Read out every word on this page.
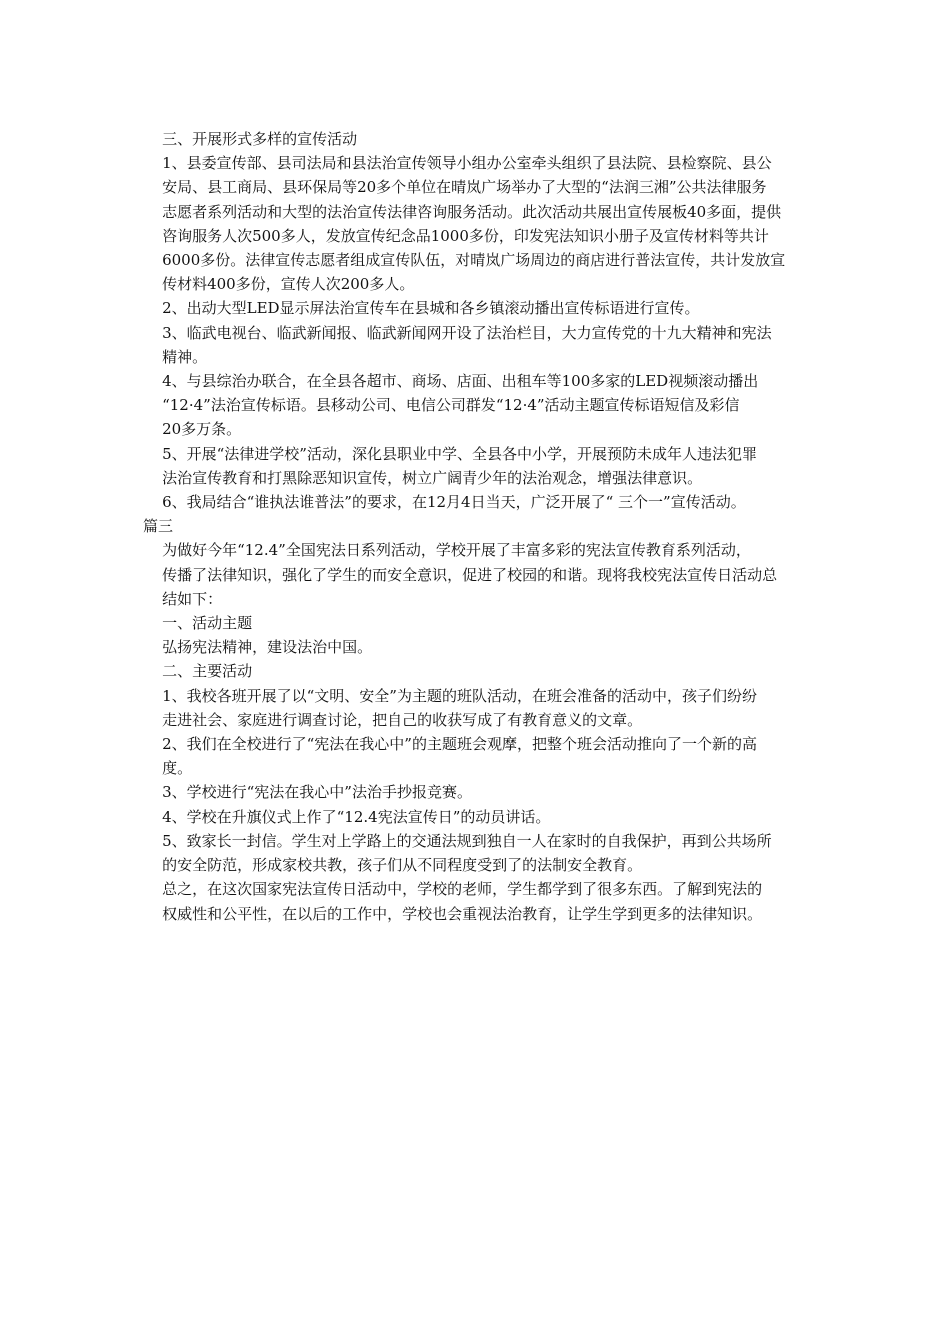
三、开展形式多样的宣传活动
1、县委宣传部、县司法局和县法治宣传领导小组办公室牵头组织了县法院、县检察院、县公
安局、县工商局、县环保局等20多个单位在晴岚广场举办了大型的“法润三湘”公共法律服务
志愿者系列活动和大型的法治宣传法律咨询服务活动。此次活动共展出宣传展板40多面，提供
咨询服务人次500多人，发放宣传纪念品1000多份，印发宪法知识小册子及宣传材料等共计
6000多份。法律宣传志愿者组成宣传队伍，对晴岚广场周边的商店进行普法宣传，共计发放宣
传材料400多份，宣传人次200多人。
2、出动大型LED显示屏法治宣传车在县城和各乡镇滚动播出宣传标语进行宣传。
3、临武电视台、临武新闻报、临武新闻网开设了法治栏目，大力宣传党的十九大精神和宪法
精神。
4、与县综治办联合，在全县各超市、商场、店面、出租车等100多家的LED视频滚动播出
“12·4”法治宣传标语。县移动公司、电信公司群发“12·4”活动主题宣传标语短信及彩信
20多万条。
5、开展“法律进学校”活动，深化县职业中学、全县各中小学，开展预防未成年人违法犯罪
法治宣传教育和打黑除恶知识宣传，树立广阔青少年的法治观念，增强法律意识。
6、我局结合“谁执法谁普法”的要求，在12月4日当天，广泛开展了“ 三个一”宣传活动。
篇三
为做好今年“12.4”全国宪法日系列活动，学校开展了丰富多彩的宪法宣传教育系列活动，
传播了法律知识，强化了学生的而安全意识，促进了校园的和谐。现将我校宪法宣传日活动总
结如下：
一、活动主题
弘扬宪法精神，建设法治中国。
二、主要活动
1、我校各班开展了以“文明、安全”为主题的班队活动，在班会准备的活动中，孩子们纷纷
走进社会、家庭进行调查讨论，把自己的收获写成了有教育意义的文章。
2、我们在全校进行了“宪法在我心中”的主题班会观摩，把整个班会活动推向了一个新的高
度。
3、学校进行“宪法在我心中”法治手抄报竞赛。
4、学校在升旗仪式上作了“12.4宪法宣传日”的动员讲话。
5、致家长一封信。学生对上学路上的交通法规到独自一人在家时的自我保护，再到公共场所
的安全防范，形成家校共教，孩子们从不同程度受到了的法制安全教育。
总之，在这次国家宪法宣传日活动中，学校的老师，学生都学到了很多东西。了解到宪法的
权威性和公平性，在以后的工作中，学校也会重视法治教育，让学生学到更多的法律知识。
